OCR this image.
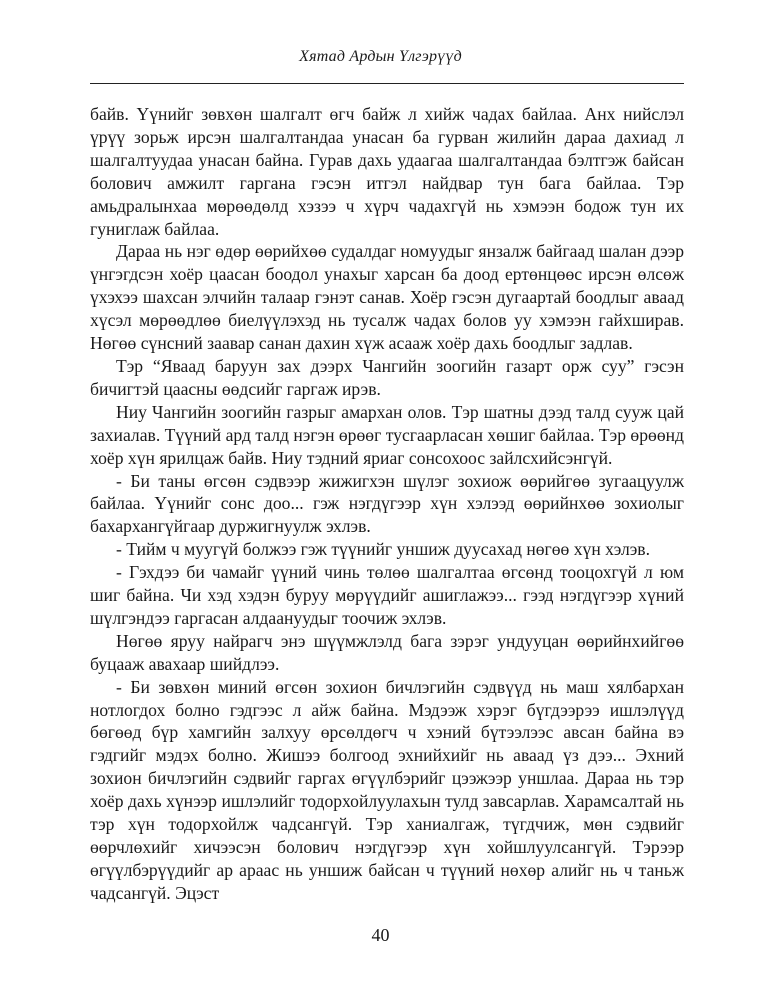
Хятад Ардын Үлгэрүүд

байв. Үүнийг зөвхөн шалгалт өгч байж л хийж чадах байлаа. Анх нийслэл үрүү зорьж ирсэн шалгалтандаа унасан ба гурван жилийн дараа дахиад л шалгалтуудаа унасан байна. Гурав дахь удаагаа шалгалтандаа бэлтгэж байсан болович амжилт гаргана гэсэн итгэл найдвар тун бага байлаа. Тэр амьдралынхаа мөрөөдөлд хэзээ ч хүрч чадахгүй нь хэмээн бодож тун их гуниглаж байлаа.

Дараа нь нэг өдөр өөрийхөө судалдаг номуудыг янзалж байгаад шалан дээр үнгэгдсэн хоёр цаасан боодол унахыг харсан ба доод ертөнцөөс ирсэн өлсөж үхэхээ шахсан элчийн талаар гэнэт санав. Хоёр гэсэн дугаартай боодлыг аваад хүсэл мөрөөдлөө биелүүлэхэд нь тусалж чадах болов уу хэмээн гайхширав. Нөгөө сүнсний заавар санан дахин хүж асааж хоёр дахь боодлыг задлав.

Тэр “Яваад баруун зах дээрх Чангийн зоогийн газарт орж суу” гэсэн бичигтэй цаасны өөдсийг гаргаж ирэв.

Ниу Чангийн зоогийн газрыг амархан олов. Тэр шатны дээд талд сууж цай захиалав. Түүний ард талд нэгэн өрөөг тусгаарласан хөшиг байлаа. Тэр өрөөнд хоёр хүн ярилцаж байв. Ниу тэдний яриаг сонсохоос зайлсхийсэнгүй.

- Би таны өгсөн сэдвээр жижигхэн шүлэг зохиож өөрийгөө зугаацуулж байлаа. Үүнийг сонс доо... гэж нэгдүгээр хүн хэлээд өөрийнхөө зохиолыг бахархангүйгаар дуржигнуулж эхлэв.

- Тийм ч муугүй болжээ гэж түүнийг уншиж дуусахад нөгөө хүн хэлэв.

- Гэхдээ би чамайг үүний чинь төлөө шалгалтаа өгсөнд тооцохгүй л юм шиг байна. Чи хэд хэдэн буруу мөрүүдийг ашиглажээ... гээд нэгдүгээр хүний шүлгэндээ гаргасан алдаануудыг тоочиж эхлэв.

Нөгөө яруу найрагч энэ шүүмжлэлд бага зэрэг ундууцан өөрийнхийгөө буцааж авахаар шийдлээ.

- Би зөвхөн миний өгсөн зохион бичлэгийн сэдвүүд нь маш хялбархан нотлогдох болно гэдгээс л айж байна. Мэдээж хэрэг бүгдээрээ ишлэлүүд бөгөөд бүр хамгийн залхуу өрсөлдөгч ч хэний бүтээлээс авсан байна вэ гэдгийг мэдэх болно. Жишээ болгоод эхнийхийг нь аваад үз дээ... Эхний зохион бичлэгийн сэдвийг гаргах өгүүлбэрийг цээжээр уншлаа. Дараа нь тэр хоёр дахь хүнээр ишлэлийг тодорхойлуулахын тулд завсарлав. Харамсалтай нь тэр хүн тодорхойлж чадсангүй. Тэр ханиалгаж, түгдчиж, мөн сэдвийг өөрчлөхийг хичээсэн болович нэгдүгээр хүн хойшлуулсангүй. Тэрээр өгүүлбэрүүдийг ар араас нь уншиж байсан ч түүний нөхөр алийг нь ч таньж чадсангүй. Эцэст

40
